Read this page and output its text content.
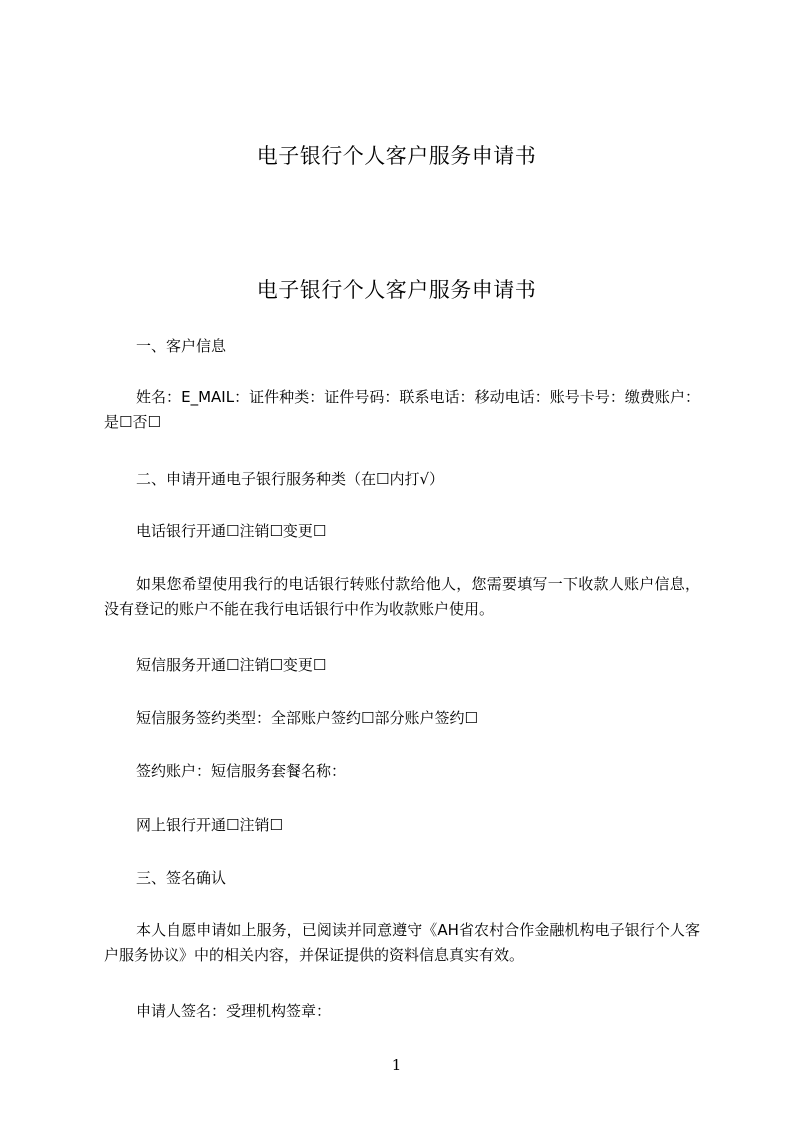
电子银行个人客户服务申请书
电子银行个人客户服务申请书
一、客户信息
姓名：E_MAIL：证件种类：证件号码：联系电话：移动电话：账号卡号：缴费账户：是☐否☐
二、申请开通电子银行服务种类（在☐内打√）
电话银行开通☐注销☐变更☐
如果您希望使用我行的电话银行转账付款给他人，您需要填写一下收款人账户信息，没有登记的账户不能在我行电话银行中作为收款账户使用。
短信服务开通☐注销☐变更☐
短信服务签约类型：全部账户签约☐部分账户签约☐
签约账户：短信服务套餐名称：
网上银行开通☐注销☐
三、签名确认
本人自愿申请如上服务，已阅读并同意遵守《AH省农村合作金融机构电子银行个人客户服务协议》中的相关内容，并保证提供的资料信息真实有效。
申请人签名：受理机构签章：
1
